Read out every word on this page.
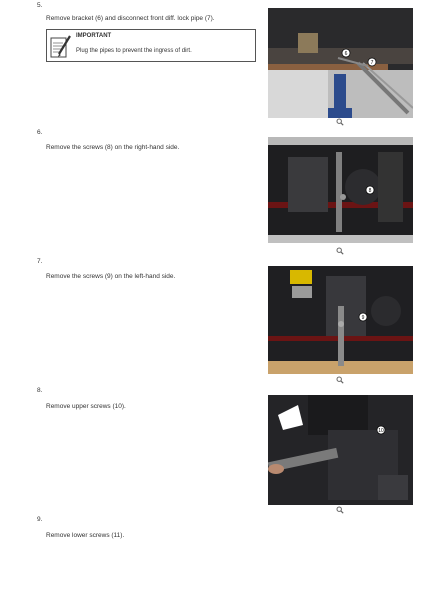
5.
Remove bracket (6) and disconnect front diff. lock pipe (7).
IMPORTANT
Plug the pipes to prevent the ingress of dirt.	6
7
6.
Remove the screws (8) on the right-hand side.
8
7.
Remove the screws (9) on the left-hand side.
9
8.
Remove upper screws (10).
10
9.
Remove lower screws (11).
